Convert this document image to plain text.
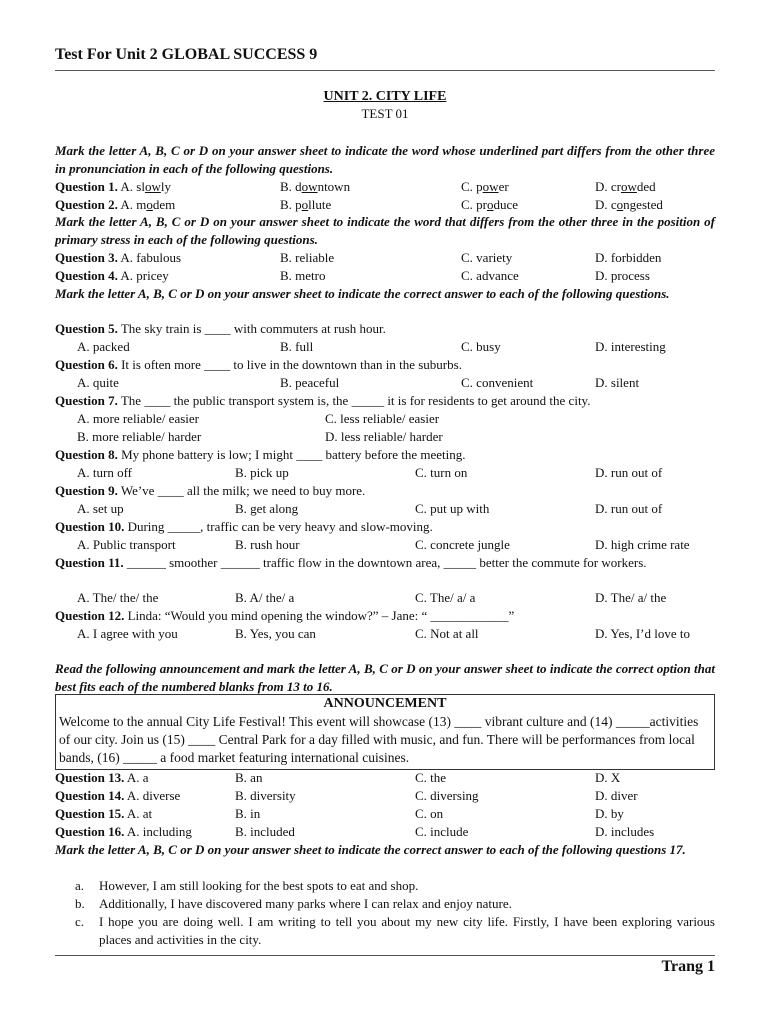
Test For Unit 2 GLOBAL SUCCESS 9
UNIT 2. CITY LIFE
TEST 01
Mark the letter A, B, C or D on your answer sheet to indicate the word whose underlined part differs from the other three in pronunciation in each of the following questions.
Question 1. A. slowly	B. downtown	C. power	D. crowded
Question 2. A. modem	B. pollute	C. produce	D. congested
Mark the letter A, B, C or D on your answer sheet to indicate the word that differs from the other three in the position of primary stress in each of the following questions.
Question 3. A. fabulous	B. reliable	C. variety	D. forbidden
Question 4. A. pricey	B. metro	C. advance	D. process
Mark the letter A, B, C or D on your answer sheet to indicate the correct answer to each of the following questions.
Question 5. The sky train is ____ with commuters at rush hour.
A. packed	B. full	C. busy	D. interesting
Question 6. It is often more ____ to live in the downtown than in the suburbs.
A. quite	B. peaceful	C. convenient	D. silent
Question 7. The ____ the public transport system is, the _____ it is for residents to get around the city.
A. more reliable/ easier	C. less reliable/ easier
B. more reliable/ harder	D. less reliable/ harder
Question 8. My phone battery is low; I might ____ battery before the meeting.
A. turn off	B. pick up	C. turn on	D. run out of
Question 9. We’ve ____ all the milk; we need to buy more.
A. set up	B. get along	C. put up with	D. run out of
Question 10. During _____, traffic can be very heavy and slow-moving.
A. Public transport	B. rush hour	C. concrete jungle	D. high crime rate
Question 11. ______ smoother ______ traffic flow in the downtown area, _____ better the commute for workers.
A. The/ the/ the	B. A/ the/ a	C. The/ a/ a	D. The/ a/ the
Question 12. Linda: “Would you mind opening the window?” – Jane: “ ____________”
A. I agree with you	B. Yes, you can	C. Not at all	D. Yes, I’d love to
Read the following announcement and mark the letter A, B, C or D on your answer sheet to indicate the correct option that best fits each of the numbered blanks from 13 to 16.
ANNOUNCEMENT
Welcome to the annual City Life Festival! This event will showcase (13) ____ vibrant culture and (14) _____activities of our city. Join us (15) ____ Central Park for a day filled with music, and fun. There will be performances from local bands, (16) _____ a food market featuring international cuisines.
Question 13. A. a	B. an	C. the	D. X
Question 14. A. diverse	B. diversity	C. diversing	D. diver
Question 15. A. at	B. in	C. on	D. by
Question 16. A. including	B. included	C. include	D. includes
Mark the letter A, B, C or D on your answer sheet to indicate the correct answer to each of the following questions 17.
a. However, I am still looking for the best spots to eat and shop.
b. Additionally, I have discovered many parks where I can relax and enjoy nature.
c. I hope you are doing well. I am writing to tell you about my new city life. Firstly, I have been exploring various places and activities in the city.
Trang 1
